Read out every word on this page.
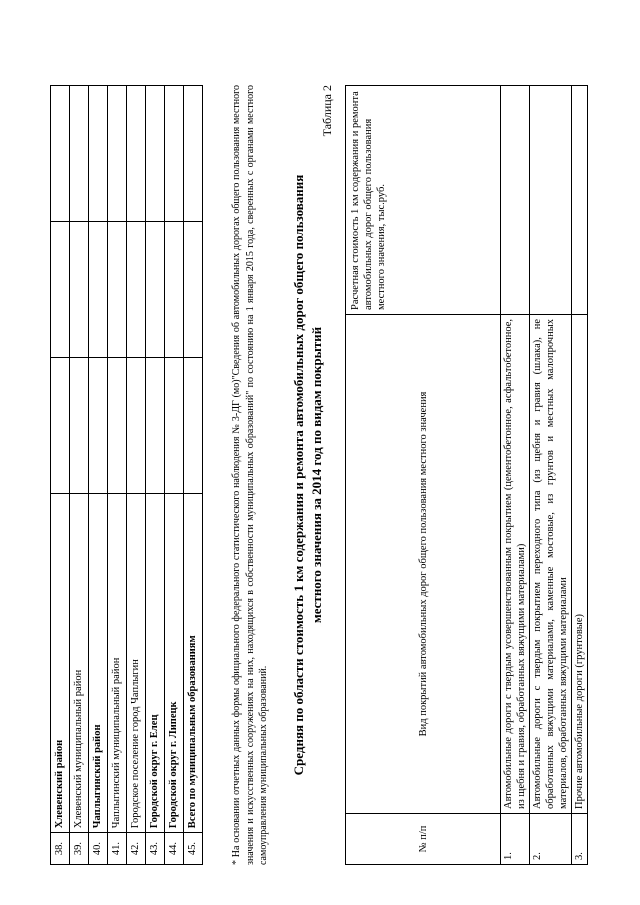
38.	Хлевенский район			
39.	Хлевенский муниципальный район			
40.	Чаплыгинский район			
41.	Чаплыгинский муниципальный район			
42.	Городское поселение город Чаплыгин			
43.	Городской округ г. Елец			
44.	Городской округ г. Липецк			
45.	Всего по муниципальным образованиям				* На основании отчетных данных формы официального федерального статистического наблюдения № 3-ДГ (мо)"Сведения об автомобильных дорогах общего пользования местного значения и искусственных сооружениях на них, находящихся в собственности муниципальных образований" по состоянию на 1 января 2015 года, сверенных с органами местного самоуправления муниципальных образований. Средняя по области стоимость 1 км содержания и ремонта автомобильных дорог общего пользования местного значения за 2014 год по видам покрытий
Таблица 2
№ п/п	Вид покрытий автомобильных дорог общего пользования местного значения	Расчетная стоимость 1 км содержания и ремонта автомобильных дорог общего пользования местного значения, тыс.руб.
1.	Автомобильные дороги с твердым усовершенствованным покрытием (цементобетонное, асфальтобетонное, из щебня и гравия, обработанных вяжущими материалами)	
2.	Автомобильные дороги с твердым покрытием переходного типа (из щебня и гравия (шлака), не обработанных вяжущими материалами, каменные мостовые, из грунтов и местных малопрочных материалов, обработанных вяжущими материалами	
3.	Прочие автомобильные дороги (грунтовые)	
